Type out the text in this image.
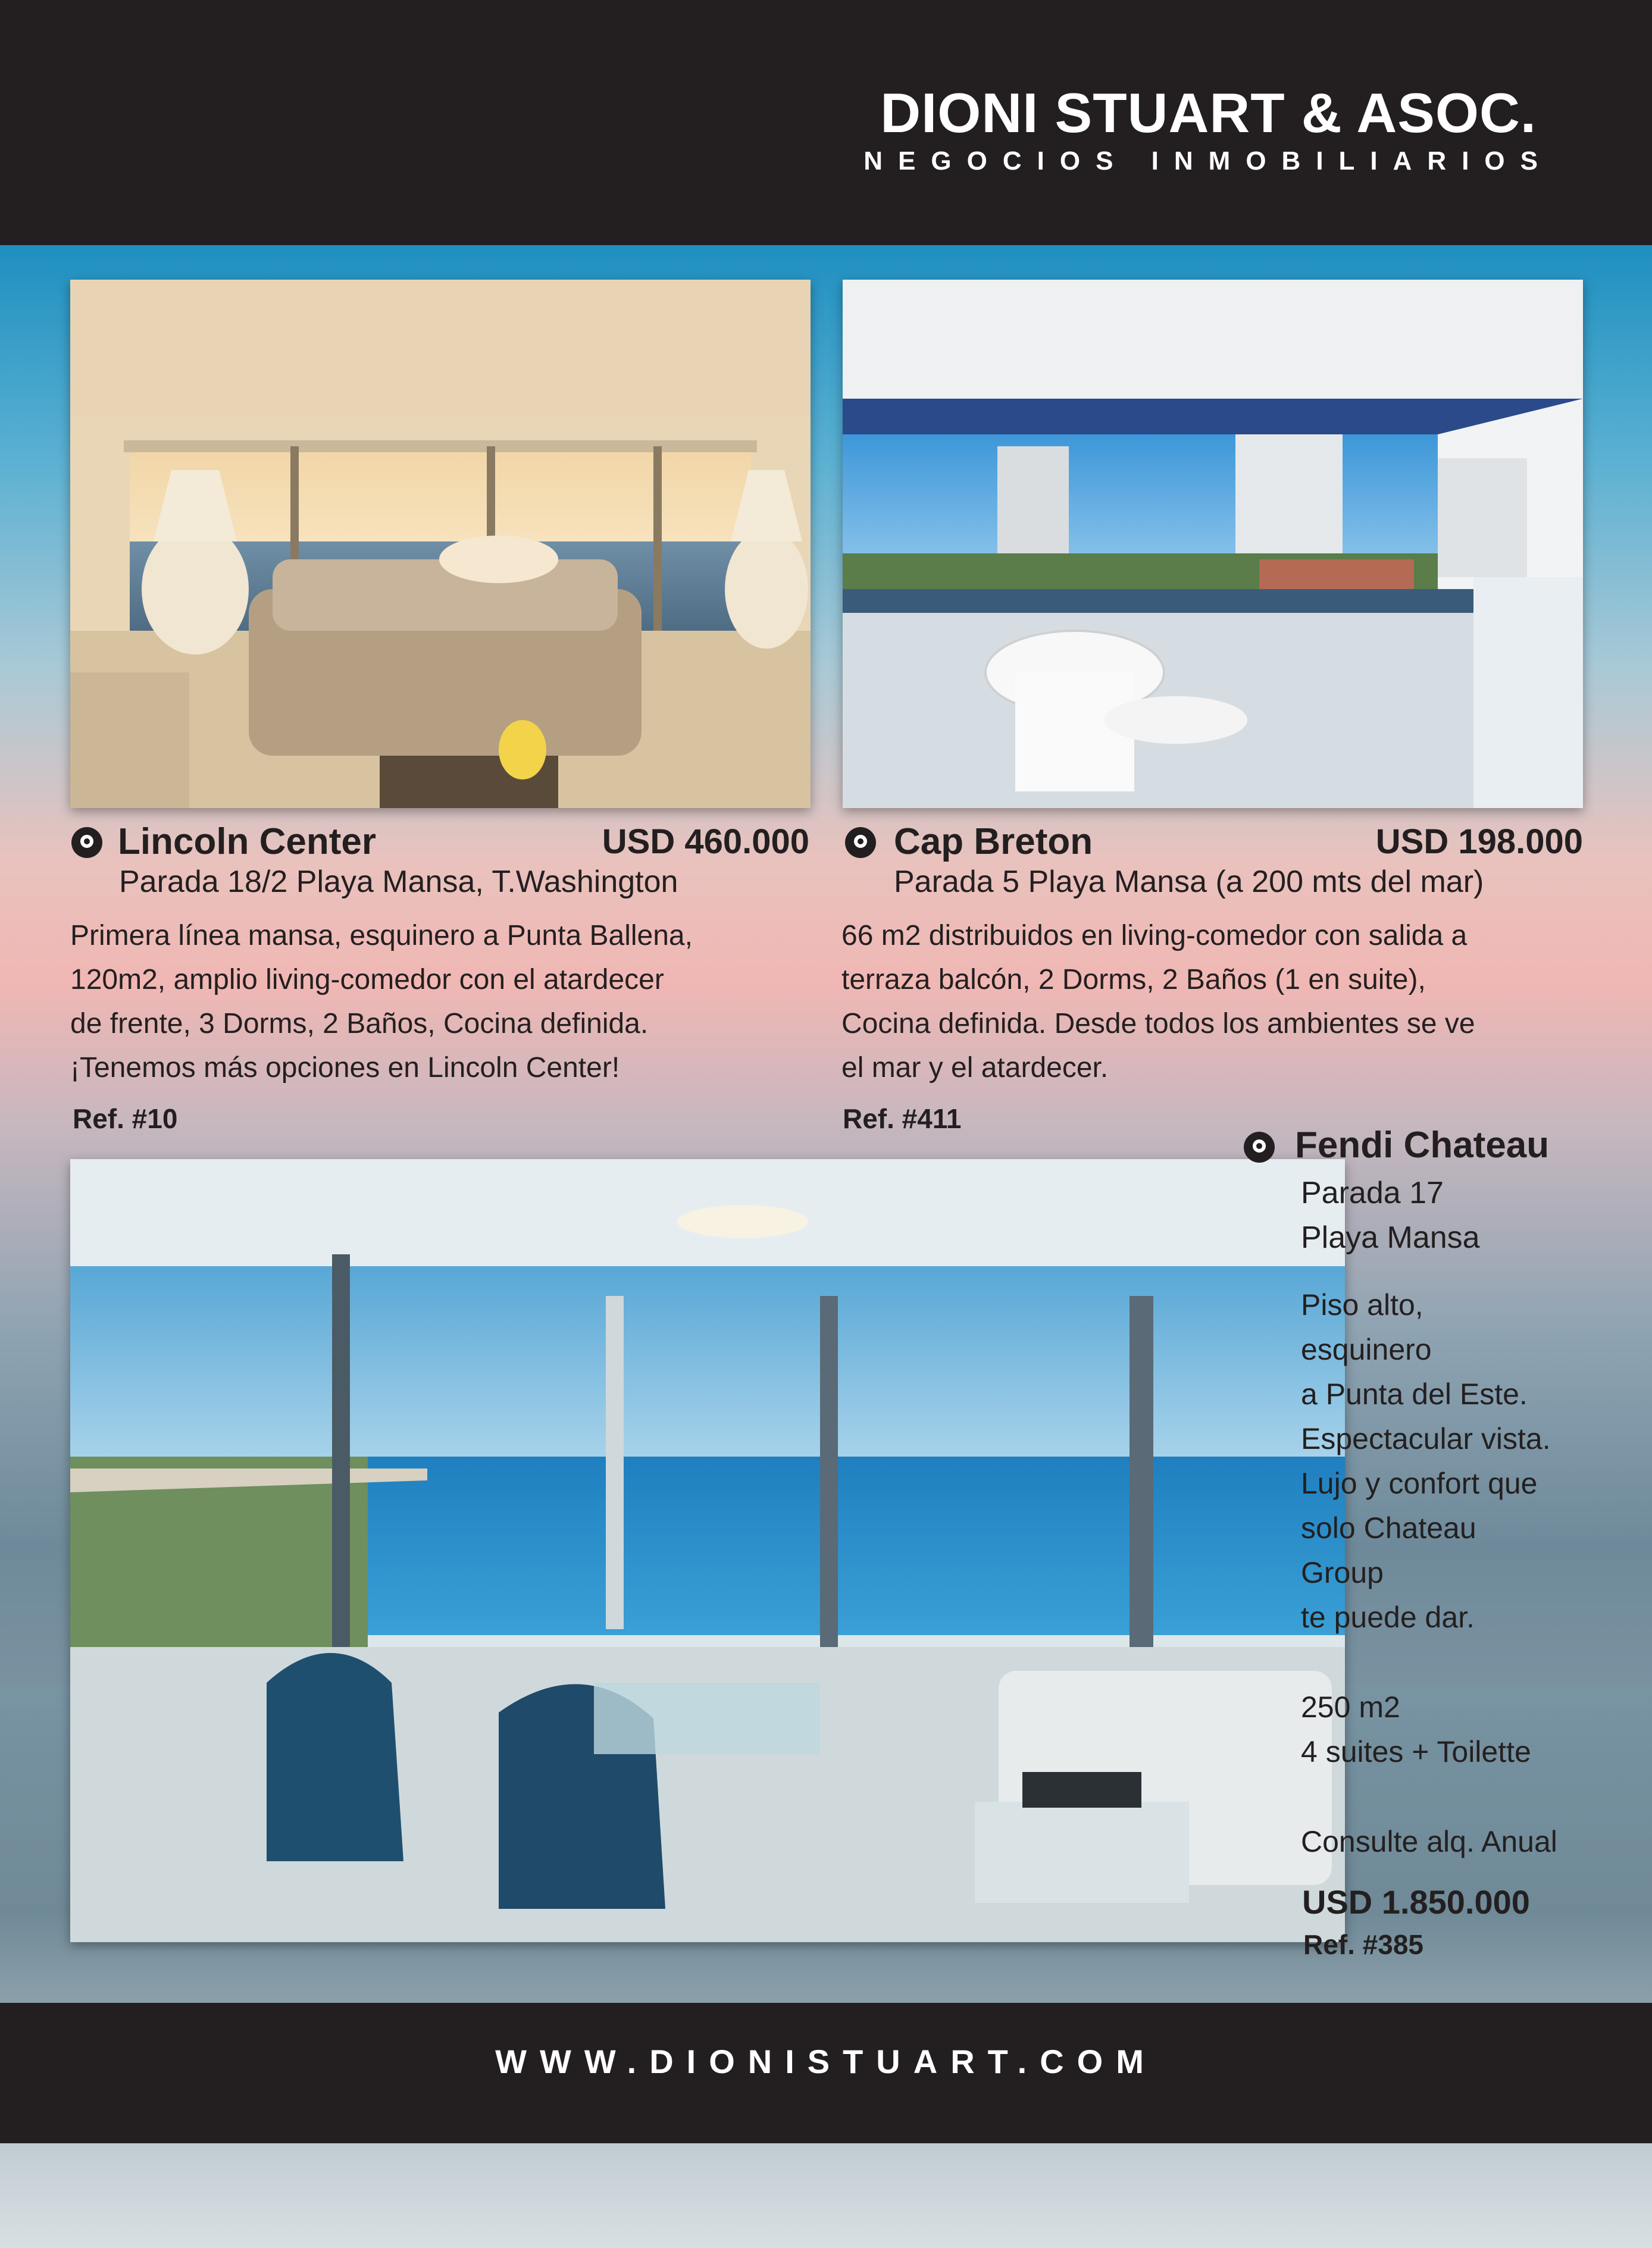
DIONI STUART & ASOC.
NEGOCIOS INMOBILIARIOS
Lincoln Center	USD 460.000
Parada 18/2 Playa Mansa, T.Washington
Primera línea mansa, esquinero a Punta Ballena,
120m2, amplio living-comedor con el atardecer
de frente, 3 Dorms, 2 Baños, Cocina definida.
¡Tenemos más opciones en Lincoln Center!
Ref. #10
Cap Breton	USD 198.000
Parada 5 Playa Mansa (a 200 mts del mar)
66 m2 distribuidos en living-comedor con salida a
terraza balcón, 2 Dorms, 2 Baños (1 en suite),
Cocina definida. Desde todos los ambientes se ve
el mar y el atardecer.
Ref. #411
Fendi Chateau
Parada 17
Playa Mansa
Piso alto,
esquinero
a Punta del Este.
Espectacular vista.
Lujo y confort que
solo Chateau
Group
te puede dar.
250 m2
4 suites + Toilette
Consulte alq. Anual
USD 1.850.000
Ref. #385
WWW.DIONISTUART.COM
